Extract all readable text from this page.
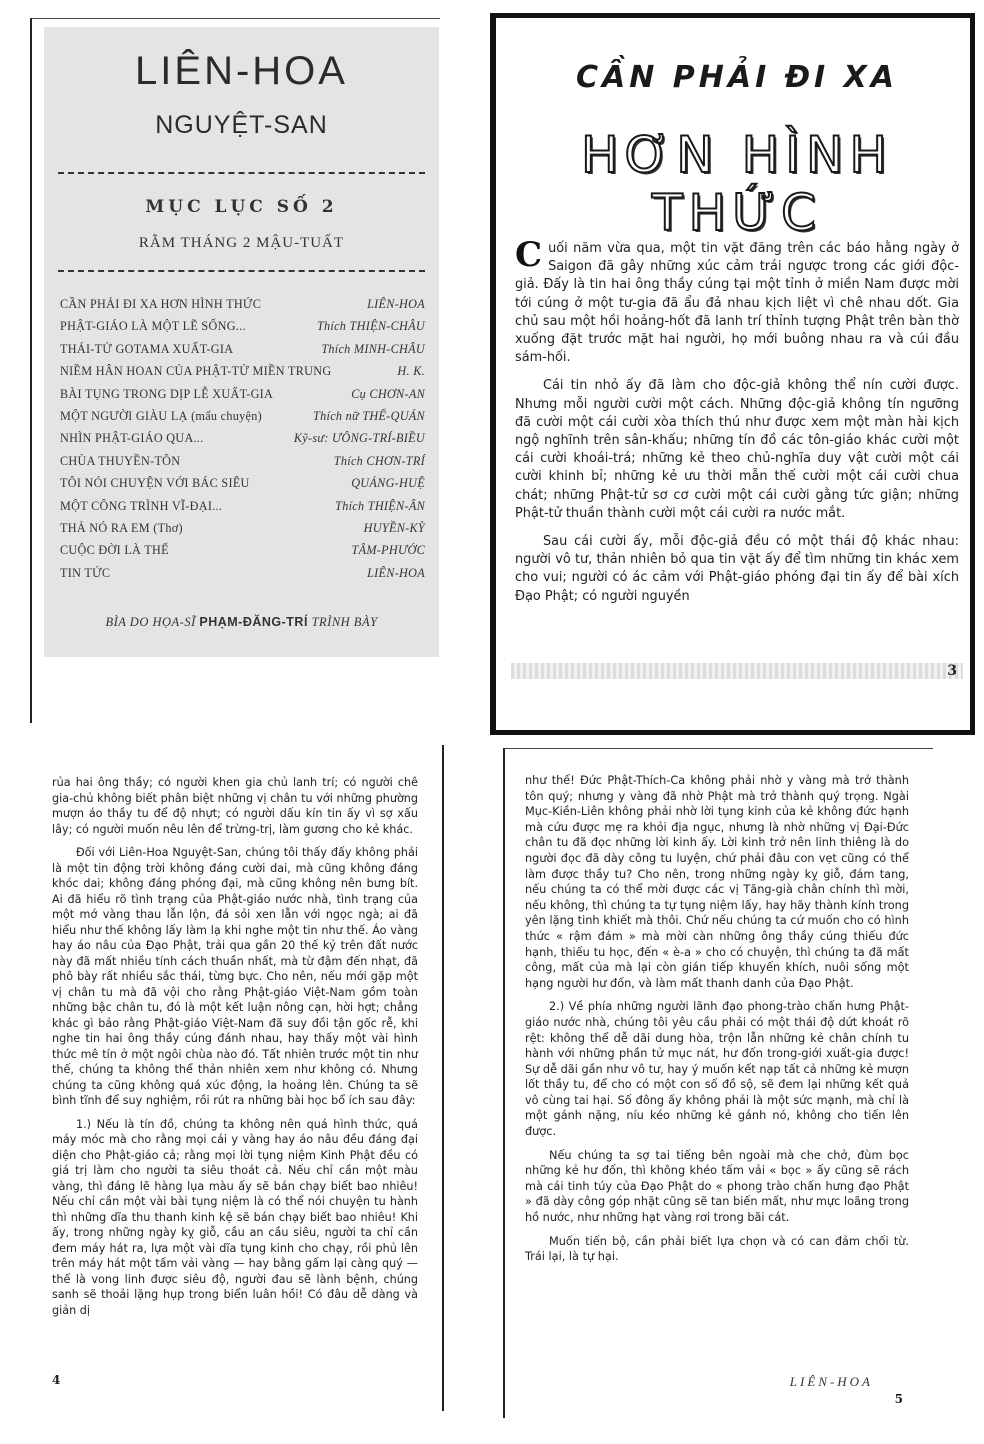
LIÊN-HOA
NGUYỆT-SAN
MỤC LỤC SỐ 2
RẰM THÁNG 2 MẬU-TUẤT
CẦN PHẢI ĐI XA HƠN HÌNH THỨC	LIÊN-HOA
PHẬT-GIÁO LÀ MỘT LẼ SỐNG...	Thích THIỆN-CHÂU
THÁI-TỬ GOTAMA XUẤT-GIA	Thích MINH-CHÂU
NIỀM HÂN HOAN CỦA PHẬT-TỬ MIỀN TRUNG	H. K.
BÀI TỤNG TRONG DỊP LỄ XUẤT-GIA	Cụ CHƠN-AN
MỘT NGƯỜI GIÀU LẠ (mẩu chuyện)	Thích nữ THỂ-QUÁN
NHÌN PHẬT-GIÁO QUA...	Kỹ-sư: ƯÔNG-TRÍ-BIỀU
CHÙA THUYỀN-TÔN	Thích CHƠN-TRÍ
TÔI NÓI CHUYỆN VỚI BÁC SIÊU	QUẢNG-HUỆ
MỘT CÔNG TRÌNH VĨ-ĐẠI...	Thích THIỆN-ÂN
THẢ NÓ RA EM (Thơ)	HUYỀN-KỲ
CUỘC ĐỜI LÀ THẾ	TÂM-PHƯỚC
TIN TỨC	LIÊN-HOA
BÌA DO HỌA-SĨ PHẠM-ĐĂNG-TRÍ TRÌNH BÀY
CẦN PHẢI ĐI XA
HƠN HÌNH THỨC

Cuối năm vừa qua, một tin vặt đăng trên các báo hằng ngày ở Saigon đã gây những xúc cảm trái ngược trong các giới độc-giả. Đấy là tin hai ông thầy cúng tại một tỉnh ở miền Nam được mời tới cúng ở một tư-gia đã ẩu đả nhau kịch liệt vì chê nhau dốt. Gia chủ sau một hồi hoảng-hốt đã lanh trí thỉnh tượng Phật trên bàn thờ xuống đặt trước mặt hai người, họ mới buông nhau ra và cúi đầu sám-hối.

Cái tin nhỏ ấy đã làm cho độc-giả không thể nín cười được. Nhưng mỗi người cười một cách. Những độc-giả không tín ngưỡng đã cười một cái cười xòa thích thú như được xem một màn hài kịch ngộ nghĩnh trên sân-khấu; những tín đồ các tôn-giáo khác cười một cái cười khoái-trá; những kẻ theo chủ-nghĩa duy vật cười một cái cười khinh bỉ; những kẻ ưu thời mẫn thế cười một cái cười chua chát; những Phật-tử sơ cơ cười một cái cười gằng tức giận; những Phật-tử thuần thành cười một cái cười ra nước mắt.

Sau cái cười ấy, mỗi độc-giả đều có một thái độ khác nhau: người vô tư, thản nhiên bỏ qua tin vặt ấy để tìm những tin khác xem cho vui; người có ác cảm với Phật-giáo phóng đại tin ấy để bài xích Đạo Phật; có người nguyền

3

rủa hai ông thầy; có người khen gia chủ lanh trí; có người chê gia-chủ không biết phân biệt những vị chân tu với những phường mượn áo thầy tu để độ nhựt; có người dấu kín tin ấy vì sợ xấu lây; có người muốn nêu lên để trừng-trị, làm gương cho kẻ khác.

Đối với Liên-Hoa Nguyệt-San, chúng tôi thấy đấy không phải là một tin động trời không đáng cười dai, mà cũng không đáng khóc dai; không đáng phóng đại, mà cũng không nên bưng bít. Ai đã hiểu rõ tình trạng của Phật-giáo nước nhà, tình trạng của một mớ vàng thau lẫn lộn, đá sỏi xen lẫn với ngọc ngà; ai đã hiểu như thế không lấy làm lạ khi nghe một tin như thế. Áo vàng hay áo nâu của Đạo Phật, trải qua gần 20 thế kỷ trên đất nước này đã mất nhiều tính cách thuần nhất, mà từ đậm đến nhạt, đã phô bày rất nhiều sắc thái, từng bực. Cho nên, nếu mới gặp một vị chân tu mà đã vội cho rằng Phật-giáo Việt-Nam gồm toàn những bậc chân tu, đó là một kết luận nông cạn, hời hợt; chẳng khác gì bảo rằng Phật-giáo Việt-Nam đã suy đồi tận gốc rễ, khi nghe tin hai ông thầy cúng đánh nhau, hay thấy một vài hình thức mê tín ở một ngôi chùa nào đó. Tất nhiên trước một tin như thế, chúng ta không thể thản nhiên xem như không có. Nhưng chúng ta cũng không quá xúc động, la hoảng lên. Chúng ta sẽ bình tĩnh để suy nghiệm, rồi rút ra những bài học bổ ích sau đây:

1.) Nếu là tín đồ, chúng ta không nên quá hình thức, quá máy móc mà cho rằng mọi cái y vàng hay áo nâu đều đáng đại diện cho Phật-giáo cả; rằng mọi lời tụng niệm Kinh Phật đều có giá trị làm cho người ta siêu thoát cả. Nếu chỉ cần một màu vàng, thì đáng lẽ hàng lụa màu ấy sẽ bán chạy biết bao nhiêu! Nếu chỉ cần một vài bài tụng niệm là có thể nói chuyện tu hành thì những dĩa thu thanh kinh kệ sẽ bán chạy biết bao nhiêu! Khi ấy, trong những ngày kỵ giỗ, cầu an cầu siêu, người ta chỉ cần đem máy hát ra, lựa một vài dĩa tụng kinh cho chạy, rồi phủ lên trên máy hát một tấm vải vàng — hay bằng gấm lại càng quý — thế là vong linh được siêu độ, người đau sẽ lành bệnh, chúng sanh sẽ thoải lặng hụp trong biển luân hồi! Có đâu dễ dàng và giản dị

4

như thế! Đức Phật-Thích-Ca không phải nhờ y vàng mà trở thành tôn quý; nhưng y vàng đã nhờ Phật mà trở thành quý trọng. Ngài Mục-Kiền-Liên không phải nhờ lời tụng kinh của kẻ không đức hạnh mà cứu được mẹ ra khỏi địa ngục, nhưng là nhờ những vị Đại-Đức chân tu đã đọc những lời kinh ấy. Lời kinh trở nên linh thiêng là do người đọc đã dày công tu luyện, chứ phải đâu con vẹt cũng có thể làm được thầy tu? Cho nên, trong những ngày kỵ giỗ, đám tang, nếu chúng ta có thể mời được các vị Tăng-già chân chính thì mời, nếu không, thì chúng ta tự tụng niệm lấy, hay hãy thành kính trong yên lặng tinh khiết mà thôi. Chứ nếu chúng ta cứ muốn cho có hình thức « rậm đám » mà mời càn những ông thầy cúng thiếu đức hạnh, thiếu tu học, đến « è-a » cho có chuyện, thì chúng ta đã mất công, mất của mà lại còn gián tiếp khuyến khích, nuôi sống một hạng người hư đốn, và làm mất thanh danh của Đạo Phật.

2.) Về phía những người lãnh đạo phong-trào chấn hưng Phật-giáo nước nhà, chúng tôi yêu cầu phải có một thái độ dứt khoát rõ rệt: không thể dễ dãi dung hòa, trộn lẫn những kẻ chân chính tu hành với những phần tử mục nát, hư đốn trong-giới xuất-gia được! Sự dễ dãi gần như vô tư, hay ý muốn kết nạp tất cả những kẻ mượn lốt thầy tu, để cho có một con số đồ sộ, sẽ đem lại những kết quả vô cùng tai hại. Số đông ấy không phải là một sức mạnh, mà chỉ là một gánh nặng, níu kéo những kẻ gánh nó, không cho tiến lên được.

Nếu chúng ta sợ tai tiếng bên ngoài mà che chở, đùm bọc những kẻ hư đốn, thì không khéo tấm vải « bọc » ấy cũng sẽ rách mà cái tinh túy của Đạo Phật do « phong trào chấn hưng đạo Phật » đã dày công góp nhặt cũng sẽ tan biến mất, như mực loãng trong hồ nước, như những hạt vàng rơi trong bãi cát.

Muốn tiến bộ, cần phải biết lựa chọn và có can đảm chối từ. Trái lại, là tự hại.

LIÊN-HOA
5
